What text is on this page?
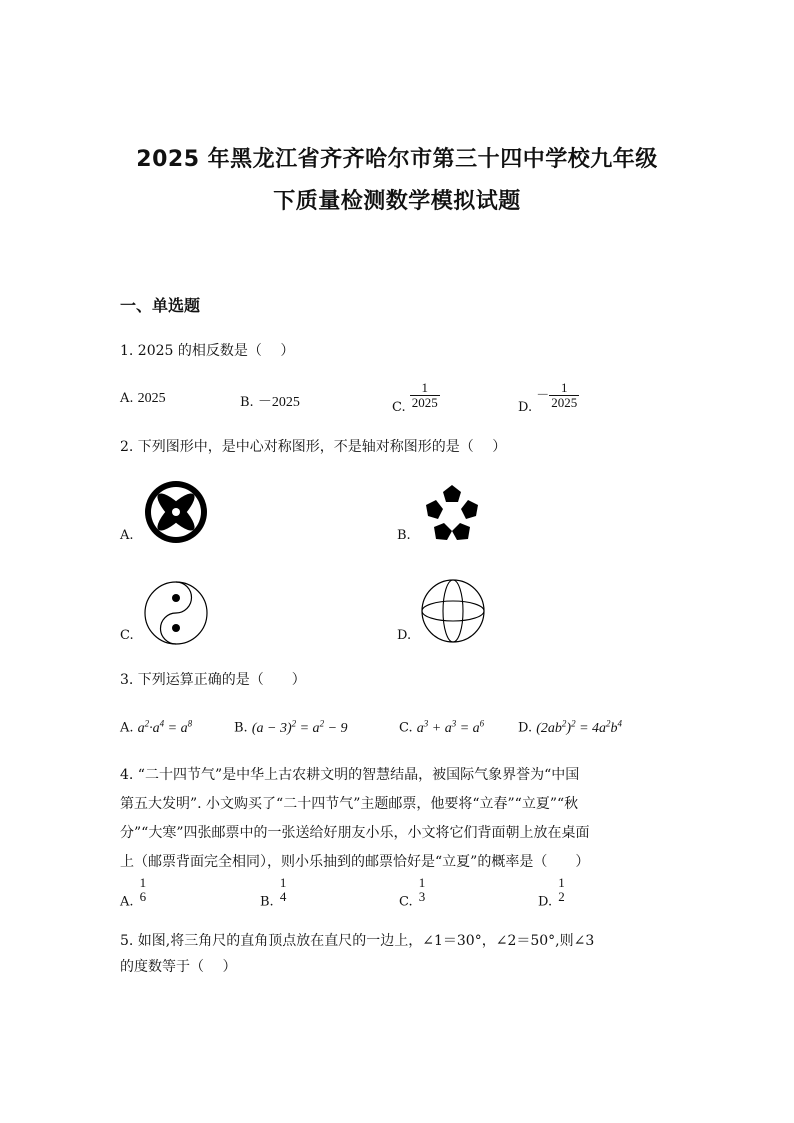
2025 年黑龙江省齐齐哈尔市第三十四中学校九年级
下质量检测数学模拟试题
一、单选题
1. 2025 的相反数是（　 ）
A. 2025	B. －2025	C. $\frac{1}{2025}$	D. － $\frac{1}{2025}$
2. 下列图形中，是中心对称图形，不是轴对称图形的是（　 ）
A.	B.
C.	D.
3. 下列运算正确的是（　　）
A. $a^2\cdot a^4 = a^8$	B. $(a - 3)^2 = a^2 - 9$	C. $a^3 + a^3 = a^6$	D. $(2ab^2)^2 = 4a^2b^4$
4. “二十四节气”是中华上古农耕文明的智慧结晶，被国际气象界誉为“中国
第五大发明”. 小文购买了“二十四节气”主题邮票，他要将“立春”“立夏”“秋
分”“大寒”四张邮票中的一张送给好朋友小乐，小文将它们背面朝上放在桌面
上（邮票背面完全相同），则小乐抽到的邮票恰好是“立夏”的概率是（　　）
A.
1
6	B.
1
4	C.
1
3	D.
1
2
5. 如图,将三角尺的直角顶点放在直尺的一边上，∠1＝30°，∠2＝50°,则∠3
的度数等于（　 ）
